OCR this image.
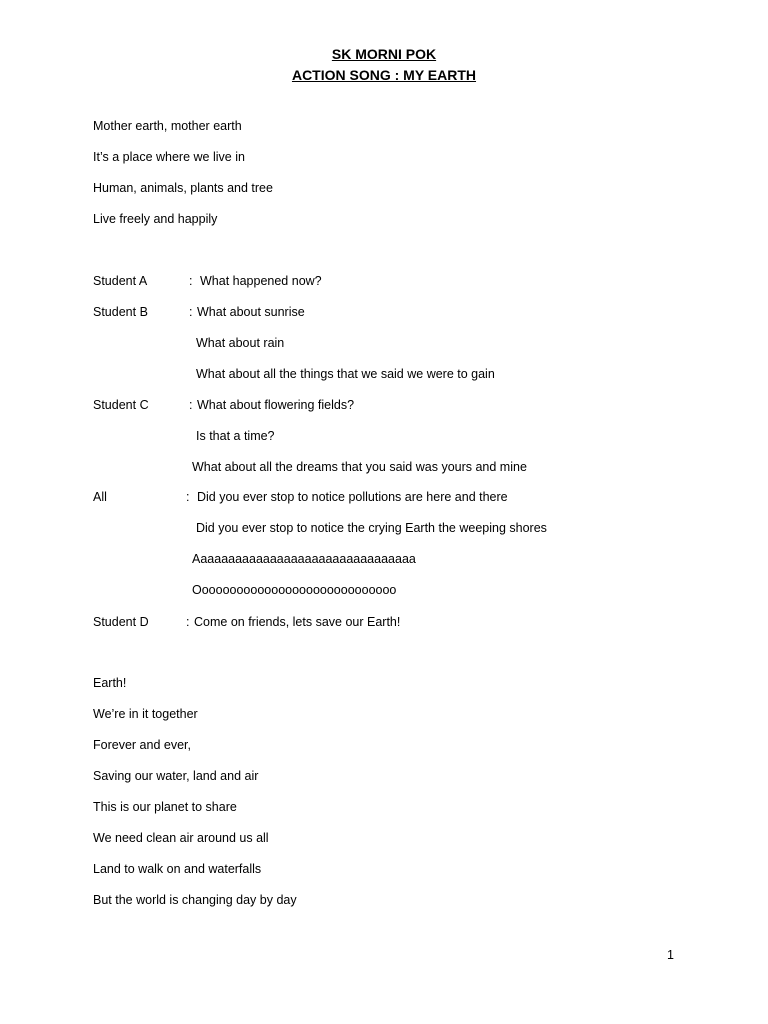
SK MORNI POK
ACTION SONG : MY EARTH
Mother earth, mother earth
It’s a place where we live in
Human, animals, plants and tree
Live freely and happily
Student A	: What happened now?
Student B	: What about sunrise
What about rain
What about all the things that we said we were to gain
Student C	: What about flowering fields?
Is that a time?
What about all the dreams that you said was yours and mine
All	: Did you ever stop to notice pollutions are here and there
Did you ever stop to notice the crying Earth the weeping shores
Aaaaaaaaaaaaaaaaaaaaaaaaaaaaaaaa
Ooooooooooooooooooooooooooooo
Student D	: Come on friends, lets save our Earth!
Earth!
We’re in it together
Forever and ever,
Saving our water, land and air
This is our planet to share
We need clean air around us all
Land to walk on and waterfalls
But the world is changing day by day
1
